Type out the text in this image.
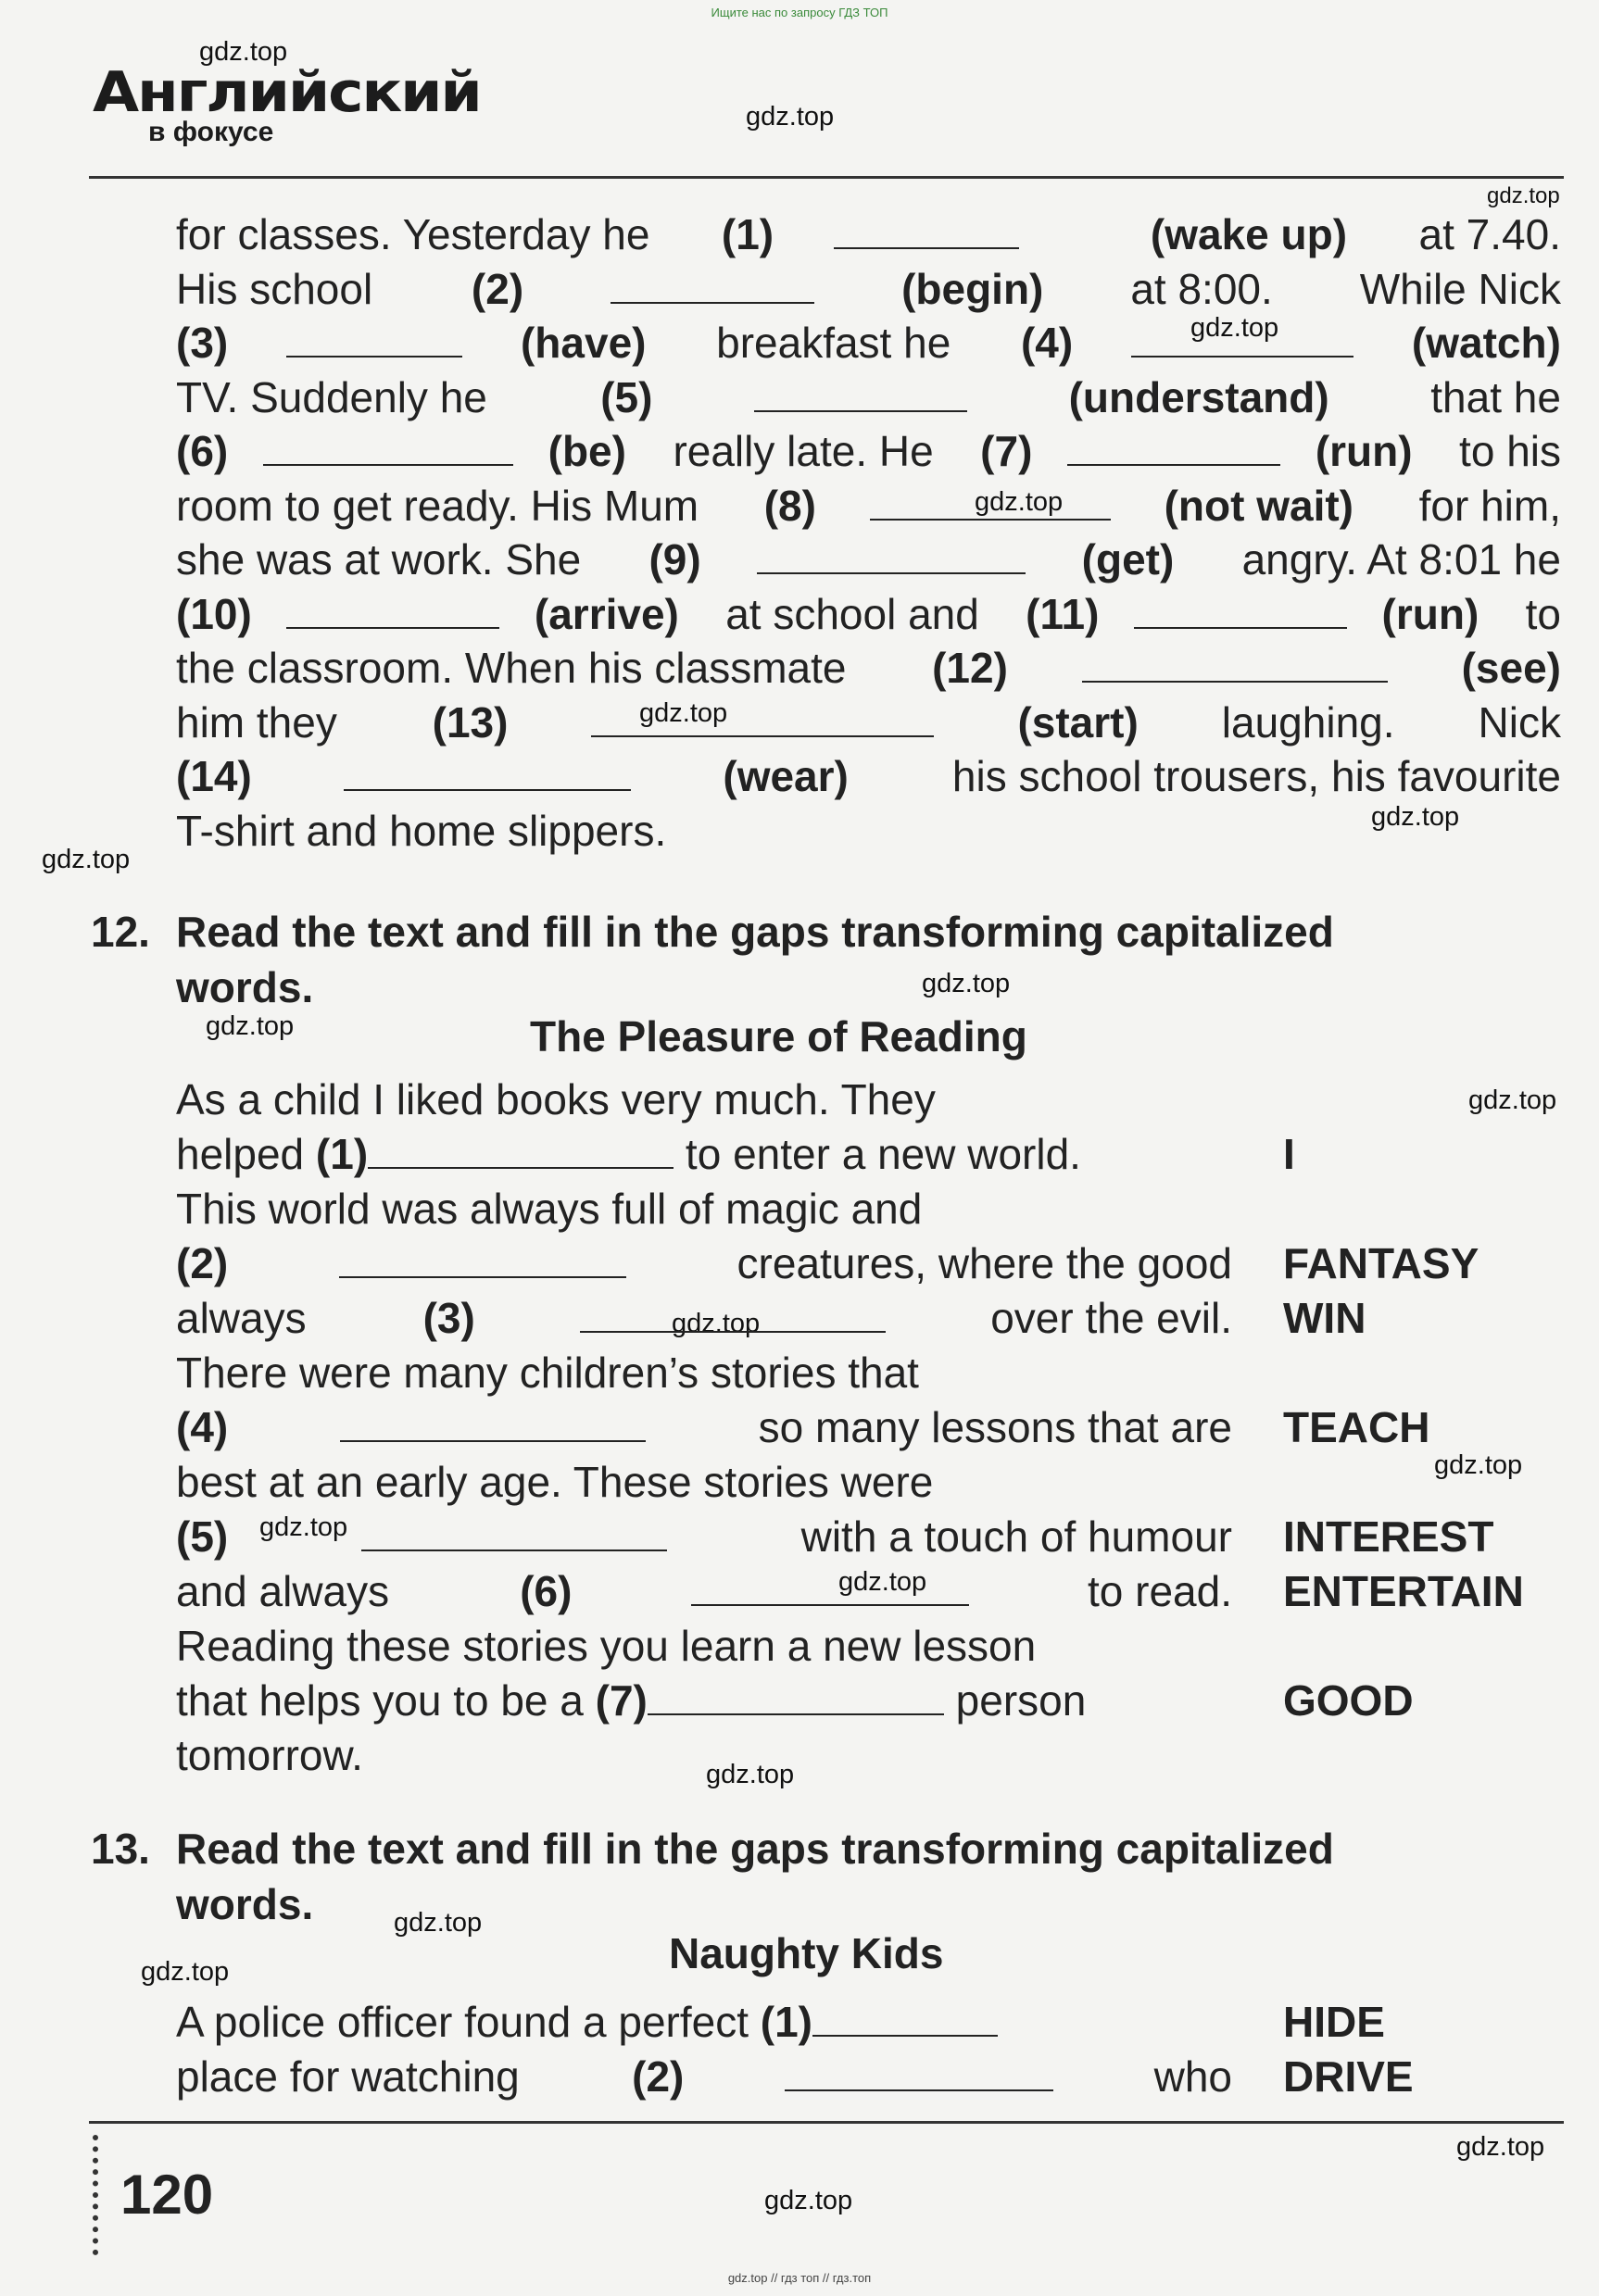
Ищите нас по запросу ГДЗ ТОП
Английский
в фокусе
gdz.top
gdz.top
gdz.top
gdz.top
gdz.top
gdz.top
gdz.top
gdz.top
gdz.top
gdz.top
gdz.top
gdz.top
gdz.top
gdz.top
gdz.top
gdz.top
gdz.top
gdz.top
gdz.top
gdz.top
for classes. Yesterday he (1)
	(wake up) at 7.40.
His school (2)	(begin) at 8:00. While Nick
(3)	(have) breakfast he (4)	(watch)
TV. Suddenly he (5)	(understand) that he
(6)	(be) really late. He (7)	(run) to his
room to get ready. His Mum (8)	(not wait) for him,
she was at work. She (9)	(get) angry. At 8:01 he
(10)	(arrive) at school and (11)	(run) to
the classroom. When his classmate (12)	(see)
him they (13)	(start) laughing. Nick
(14)	(wear) his school trousers, his favourite
T-shirt and home slippers.
12. Read the text and fill in the gaps transforming capitalized
words.
The Pleasure of Reading
As a child I liked books very much. They
helped (1)	to enter a new world.	I
This world was always full of magic and
(2)	creatures, where the good FANTASY
always (3)	over the evil. WIN
There were many children’s stories that
(4)	so many lessons that are TEACH
best at an early age. These stories were
(5)	with a touch of humour INTEREST
and always	(6)	to read. ENTERTAIN
Reading these stories you learn a new lesson
that helps you to be a (7)	person	GOOD
tomorrow.
13. Read the text and fill in the gaps transforming capitalized
words.
Naughty Kids
A police officer found a perfect (1)	HIDE
place for watching (2)	who DRIVE
120
gdz.top // гдз топ // гдз.топ
